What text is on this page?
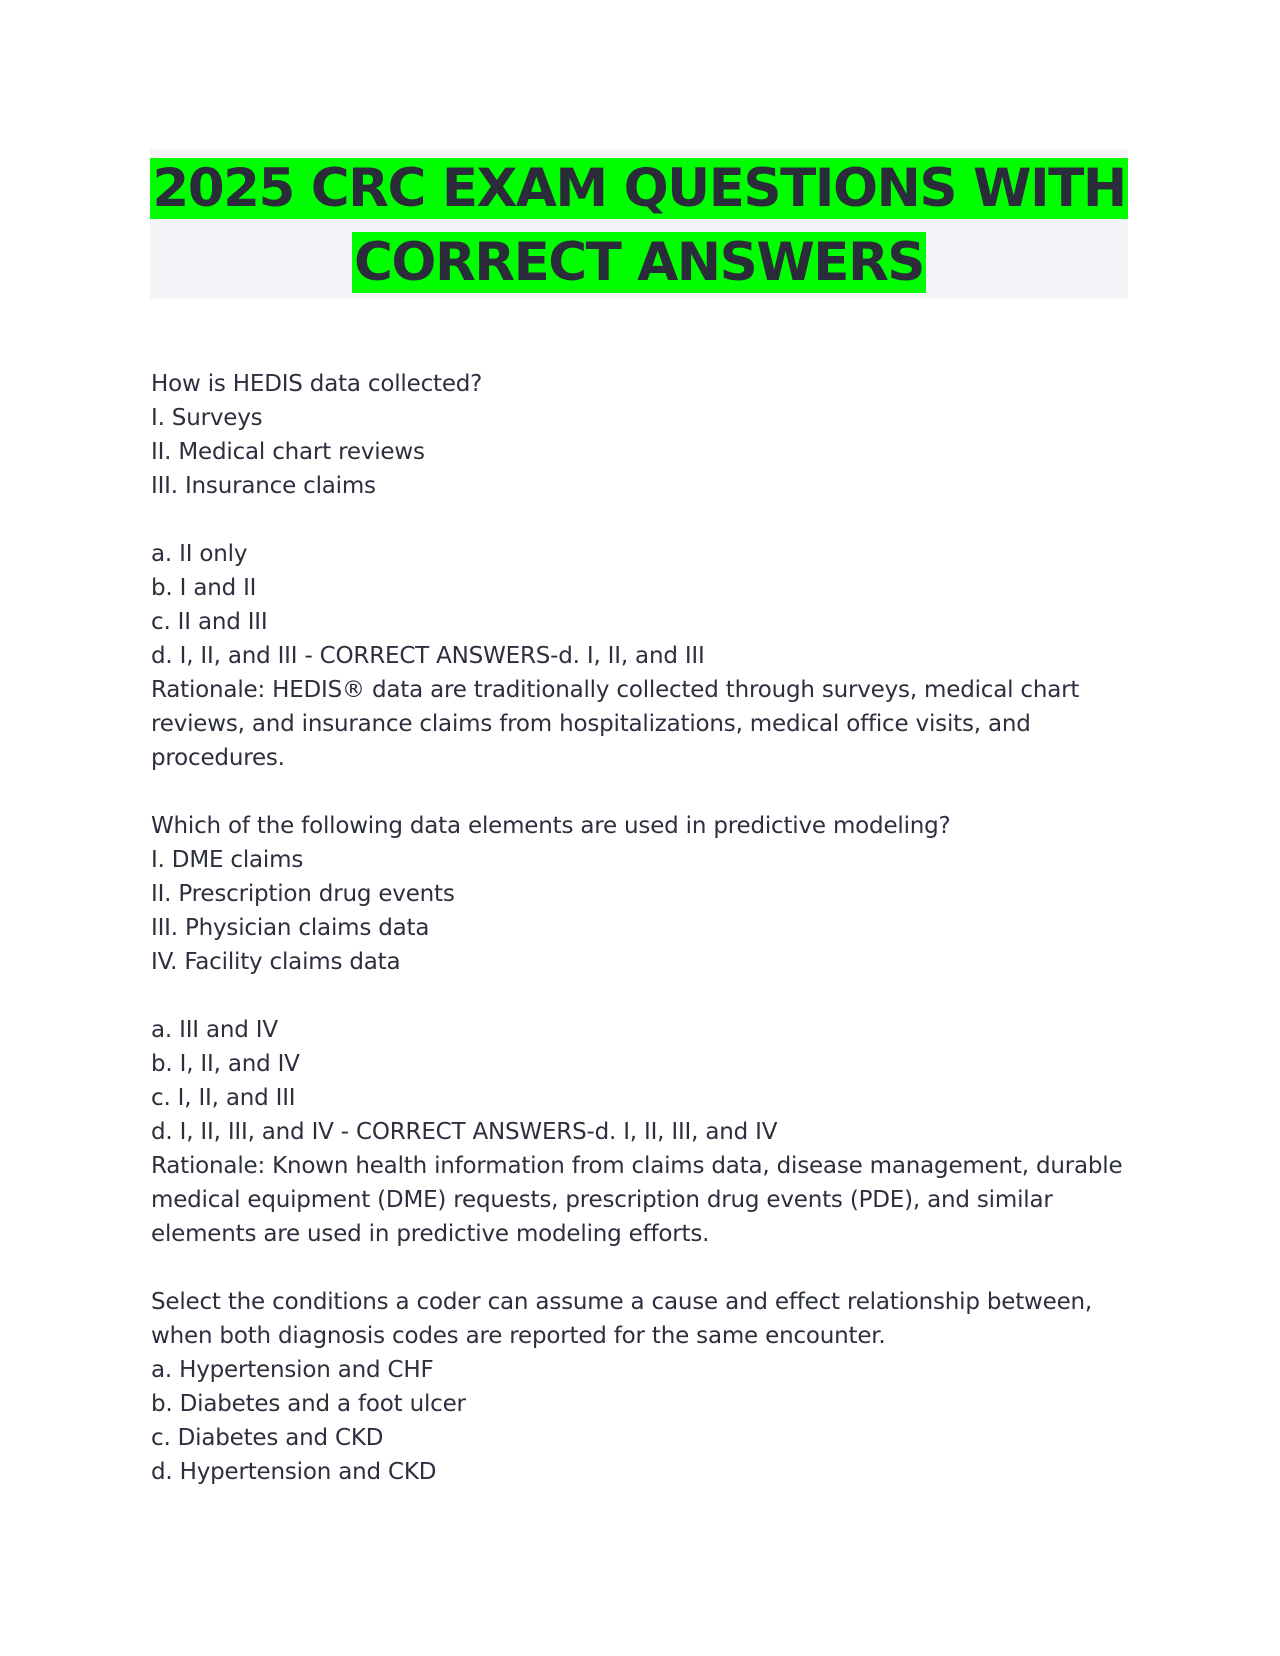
2025 CRC EXAM QUESTIONS WITH
CORRECT ANSWERS
How is HEDIS data collected?
I. Surveys
II. Medical chart reviews
III. Insurance claims
a. II only
b. I and II
c. II and III
d. I, II, and III - CORRECT ANSWERS-d. I, II, and III
Rationale: HEDIS® data are traditionally collected through surveys, medical chart reviews, and insurance claims from hospitalizations, medical office visits, and procedures.
Which of the following data elements are used in predictive modeling?
I. DME claims
II. Prescription drug events
III. Physician claims data
IV. Facility claims data
a. III and IV
b. I, II, and IV
c. I, II, and III
d. I, II, III, and IV - CORRECT ANSWERS-d. I, II, III, and IV
Rationale: Known health information from claims data, disease management, durable medical equipment (DME) requests, prescription drug events (PDE), and similar elements are used in predictive modeling efforts.
Select the conditions a coder can assume a cause and effect relationship between, when both diagnosis codes are reported for the same encounter.
a. Hypertension and CHF
b. Diabetes and a foot ulcer
c. Diabetes and CKD
d. Hypertension and CKD
